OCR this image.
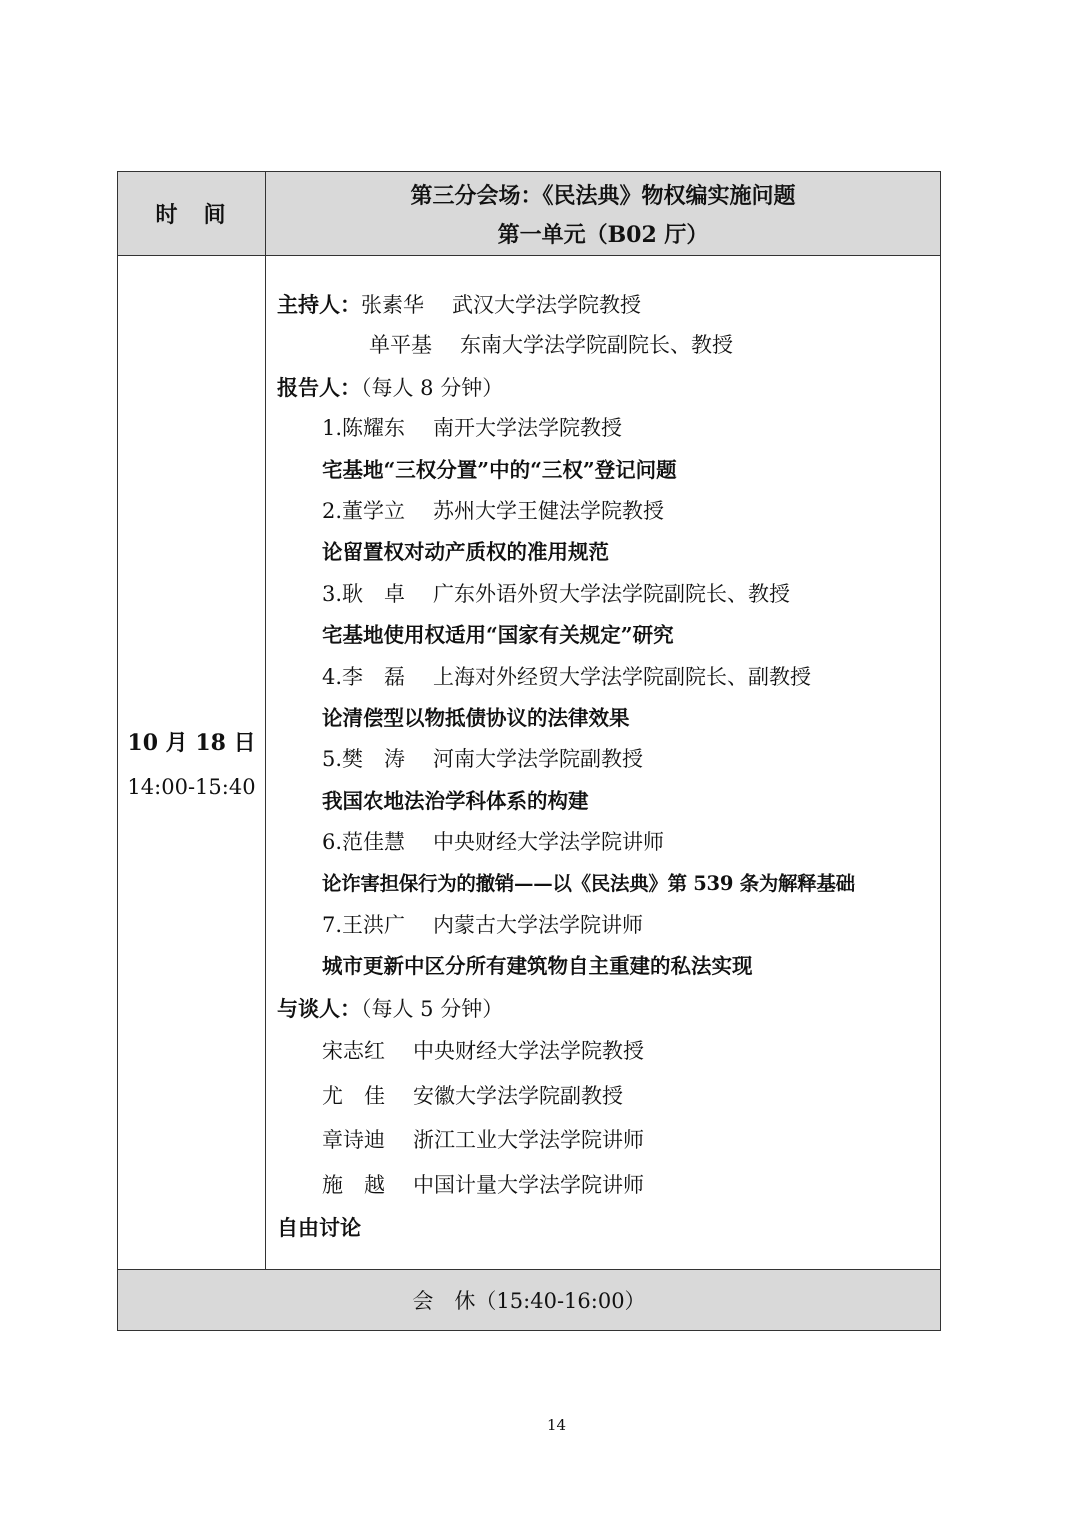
时　间
第三分会场：《民法典》物权编实施问题
第一单元（B02 厅）
10 月 18 日
14:00-15:40
主持人：张素华 武汉大学法学院教授
单平基 东南大学法学院副院长、教授
报告人：（每人 8 分钟）
1.陈耀东 南开大学法学院教授
宅基地“三权分置”中的“三权”登记问题
2.董学立 苏州大学王健法学院教授
论留置权对动产质权的准用规范
3.耿　卓 广东外语外贸大学法学院副院长、教授
宅基地使用权适用“国家有关规定”研究
4.李　磊 上海对外经贸大学法学院副院长、副教授
论清偿型以物抵债协议的法律效果
5.樊　涛 河南大学法学院副教授
我国农地法治学科体系的构建
6.范佳慧 中央财经大学法学院讲师
论诈害担保行为的撤销——以《民法典》第 539 条为解释基础
7.王洪广 内蒙古大学法学院讲师
城市更新中区分所有建筑物自主重建的私法实现
与谈人：（每人 5 分钟）
宋志红 中央财经大学法学院教授
尤　佳 安徽大学法学院副教授
章诗迪 浙江工业大学法学院讲师
施　越 中国计量大学法学院讲师
自由讨论
会　休（15:40-16:00）
14
